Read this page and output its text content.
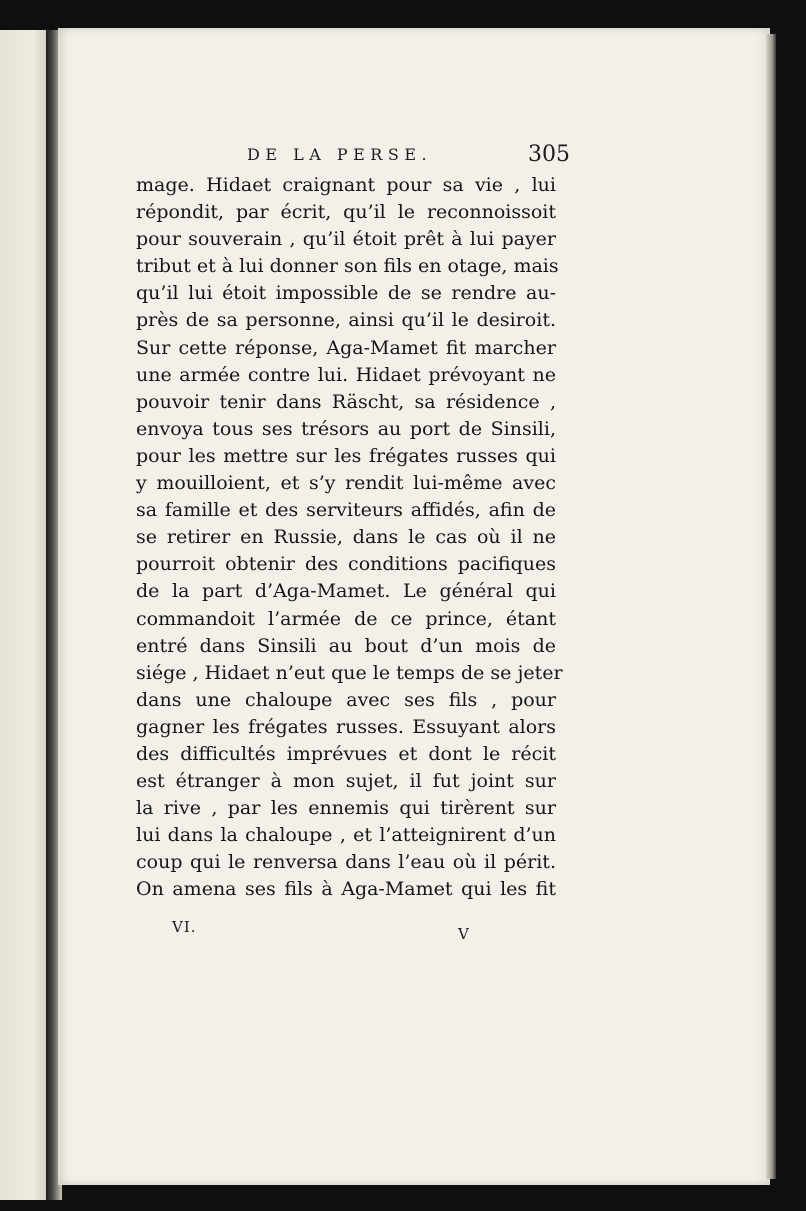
DE LA PERSE.	305
mage. Hidaet craignant pour sa vie , lui
répondit, par écrit, qu’il le reconnoissoit
pour souverain , qu’il étoit prêt à lui payer
tribut et à lui donner son fils en otage, mais
qu’il lui étoit impossible de se rendre au-
près de sa personne, ainsi qu’il le desiroit.
Sur cette réponse, Aga-Mamet fit marcher
une armée contre lui. Hidaet prévoyant ne
pouvoir tenir dans Räscht, sa résidence ,
envoya tous ses trésors au port de Sinsili,
pour les mettre sur les frégates russes qui
y mouilloient, et s’y rendit lui-même avec
sa famille et des serviteurs affidés, afin de
se retirer en Russie, dans le cas où il ne
pourroit obtenir des conditions pacifiques
de la part d’Aga-Mamet. Le général qui
commandoit l’armée de ce prince, étant
entré dans Sinsili au bout d’un mois de
siége , Hidaet n’eut que le temps de se jeter
dans une chaloupe avec ses fils , pour
gagner les frégates russes. Essuyant alors
des difficultés imprévues et dont le récit
est étranger à mon sujet, il fut joint sur
la rive , par les ennemis qui tirèrent sur
lui dans la chaloupe , et l’atteignirent d’un
coup qui le renversa dans l’eau où il périt.
On amena ses fils à Aga-Mamet qui les fit
VI.	V
